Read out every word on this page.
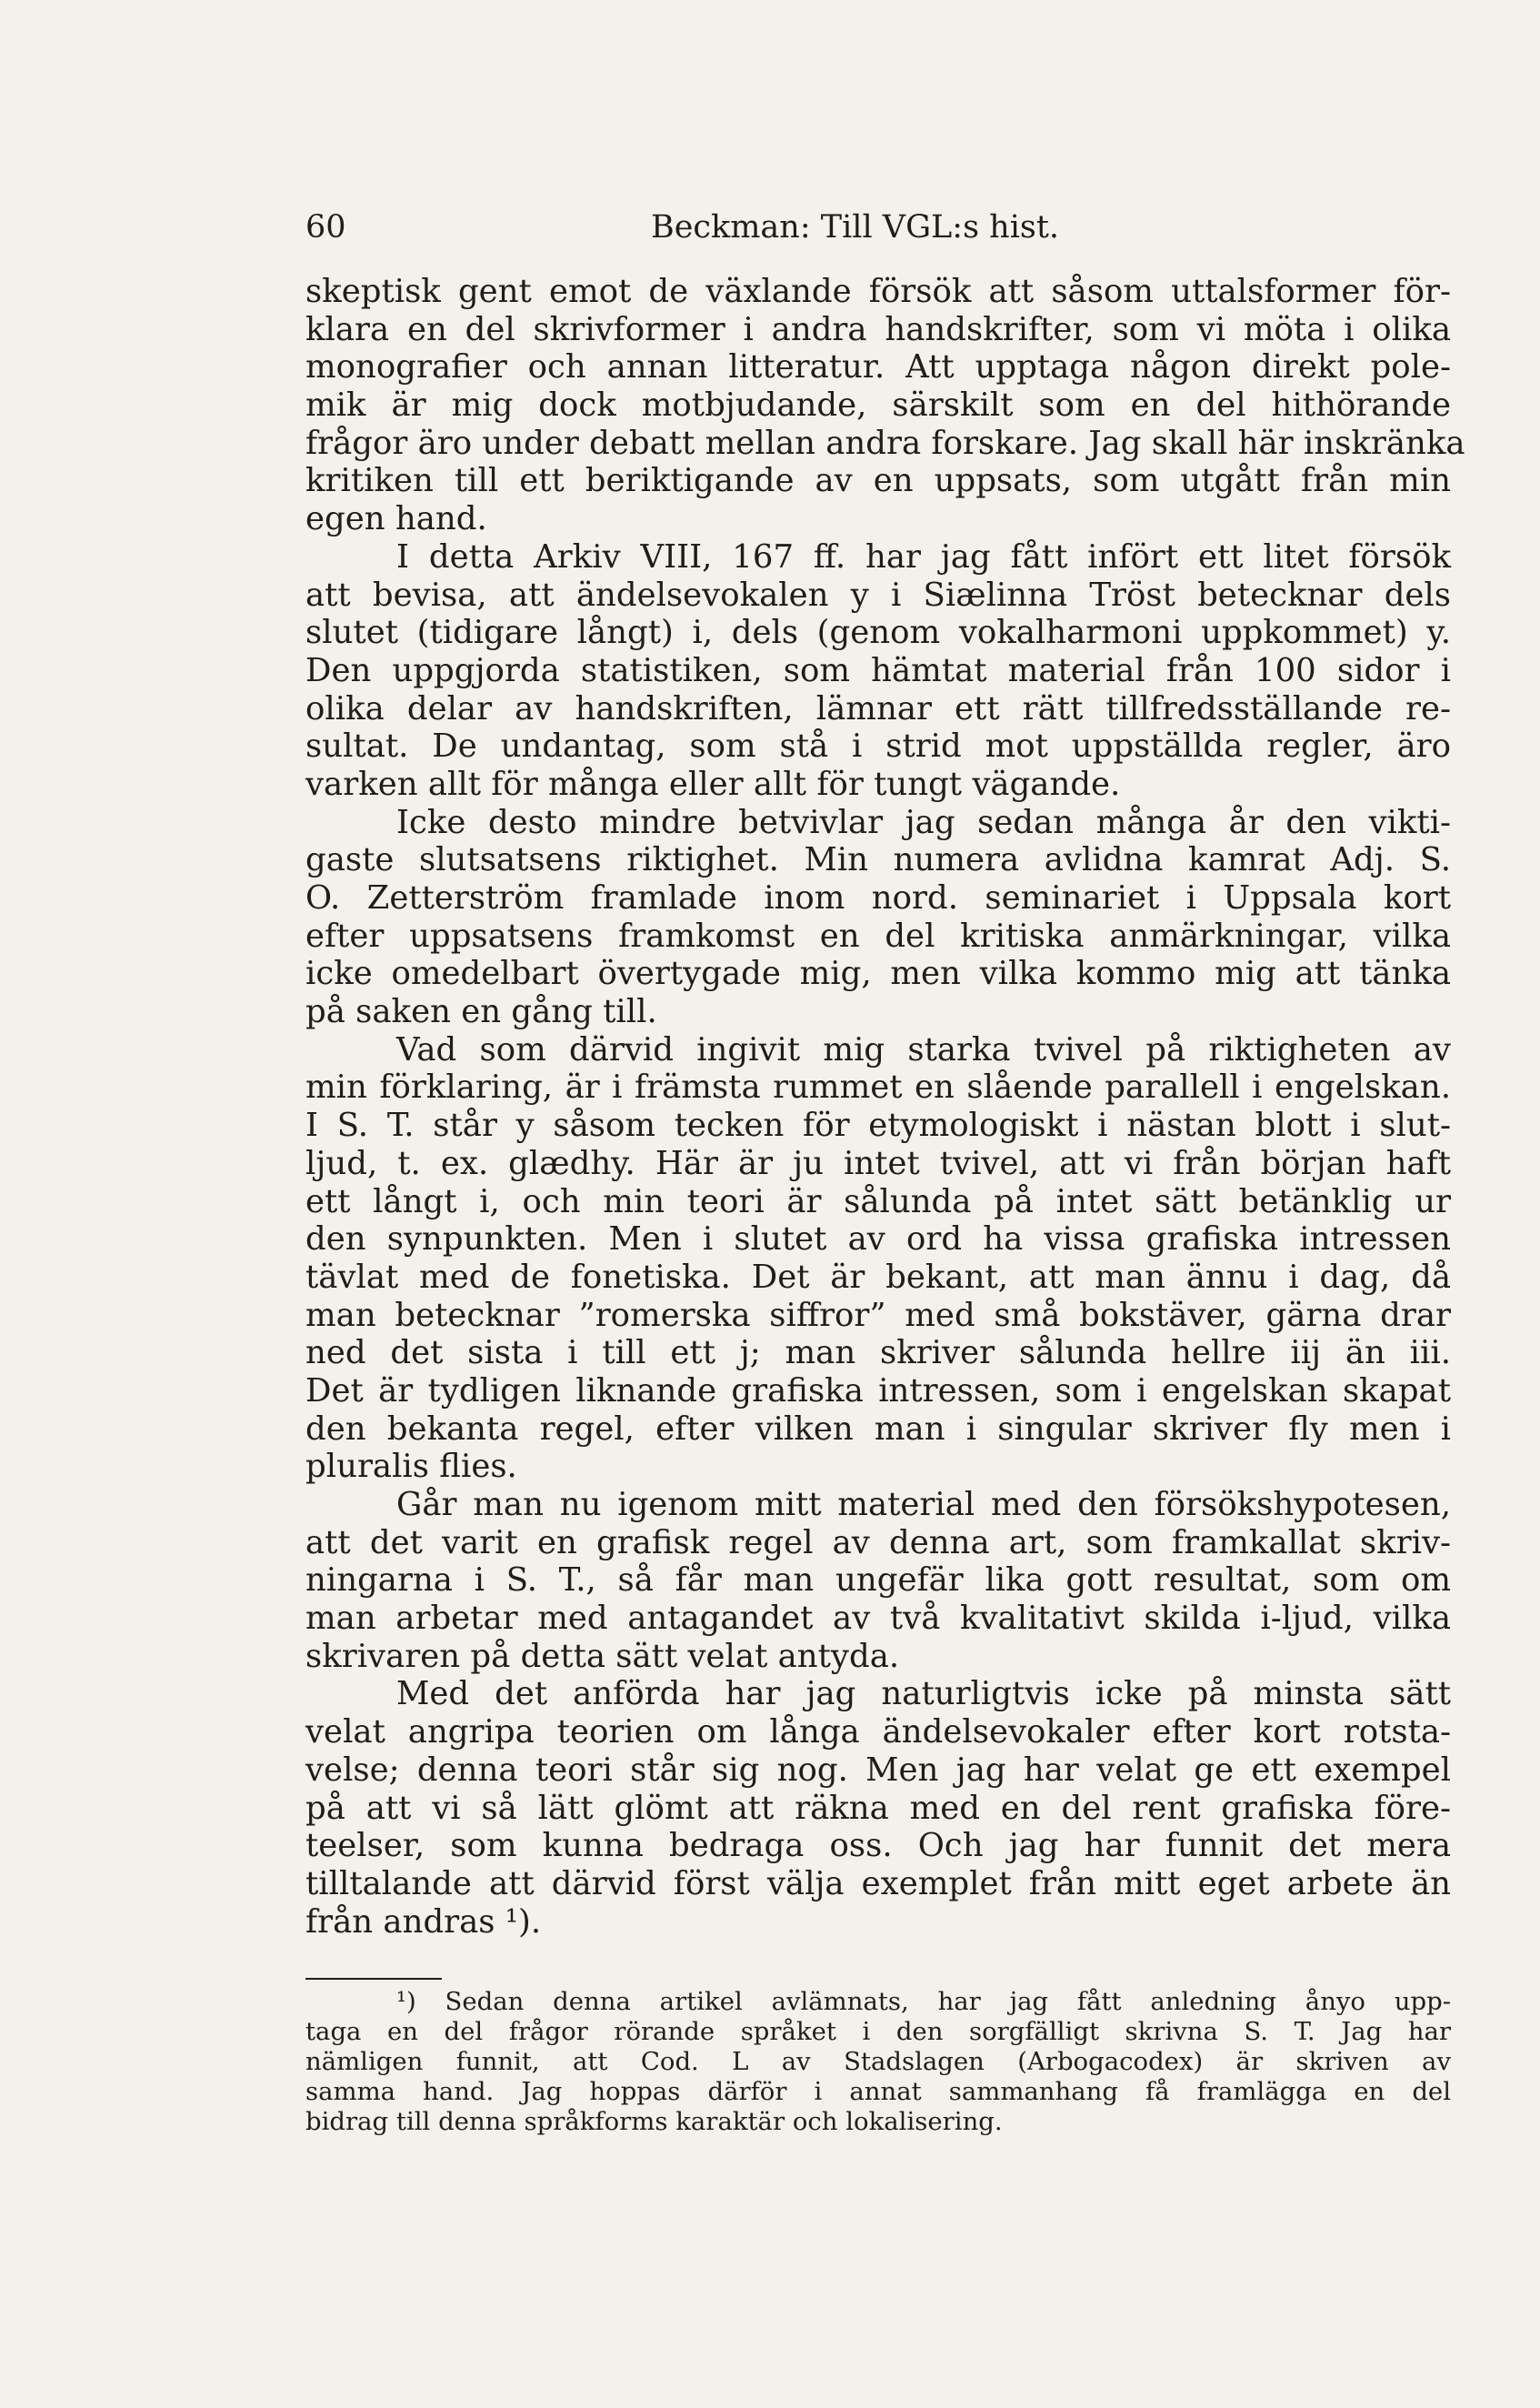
60	Beckman: Till VGL:s hist.
skeptisk gent emot de växlande försök att såsom uttalsformer för-
klara en del skrivformer i andra handskrifter, som vi möta i olika
monografier och annan litteratur. Att upptaga någon direkt pole-
mik är mig dock motbjudande, särskilt som en del hithörande
frågor äro under debatt mellan andra forskare. Jag skall här inskränka
kritiken till ett beriktigande av en uppsats, som utgått från min
egen hand.
I detta Arkiv VIII, 167 ff. har jag fått infört ett litet försök
att bevisa, att ändelsevokalen y i Siælinna Tröst betecknar dels
slutet (tidigare långt) i, dels (genom vokalharmoni uppkommet) y.
Den uppgjorda statistiken, som hämtat material från 100 sidor i
olika delar av handskriften, lämnar ett rätt tillfredsställande re-
sultat. De undantag, som stå i strid mot uppställda regler, äro
varken allt för många eller allt för tungt vägande.
Icke desto mindre betvivlar jag sedan många år den vikti-
gaste slutsatsens riktighet. Min numera avlidna kamrat Adj. S.
O. Zetterström framlade inom nord. seminariet i Uppsala kort
efter uppsatsens framkomst en del kritiska anmärkningar, vilka
icke omedelbart övertygade mig, men vilka kommo mig att tänka
på saken en gång till.
Vad som därvid ingivit mig starka tvivel på riktigheten av
min förklaring, är i främsta rummet en slående parallell i engelskan.
I S. T. står y såsom tecken för etymologiskt i nästan blott i slut-
ljud, t. ex. glædhy. Här är ju intet tvivel, att vi från början haft
ett långt i, och min teori är sålunda på intet sätt betänklig ur
den synpunkten. Men i slutet av ord ha vissa grafiska intressen
tävlat med de fonetiska. Det är bekant, att man ännu i dag, då
man betecknar ”romerska siffror” med små bokstäver, gärna drar
ned det sista i till ett j; man skriver sålunda hellre iij än iii.
Det är tydligen liknande grafiska intressen, som i engelskan skapat
den bekanta regel, efter vilken man i singular skriver fly men i
pluralis flies.
Går man nu igenom mitt material med den försökshypotesen,
att det varit en grafisk regel av denna art, som framkallat skriv-
ningarna i S. T., så får man ungefär lika gott resultat, som om
man arbetar med antagandet av två kvalitativt skilda i-ljud, vilka
skrivaren på detta sätt velat antyda.
Med det anförda har jag naturligtvis icke på minsta sätt
velat angripa teorien om långa ändelsevokaler efter kort rotsta-
velse; denna teori står sig nog. Men jag har velat ge ett exempel
på att vi så lätt glömt att räkna med en del rent grafiska före-
teelser, som kunna bedraga oss. Och jag har funnit det mera
tilltalande att därvid först välja exemplet från mitt eget arbete än
från andras ¹).
¹) Sedan denna artikel avlämnats, har jag fått anledning ånyo upp-
taga en del frågor rörande språket i den sorgfälligt skrivna S. T. Jag har
nämligen funnit, att Cod. L av Stadslagen (Arbogacodex) är skriven av
samma hand. Jag hoppas därför i annat sammanhang få framlägga en del
bidrag till denna språkforms karaktär och lokalisering.
